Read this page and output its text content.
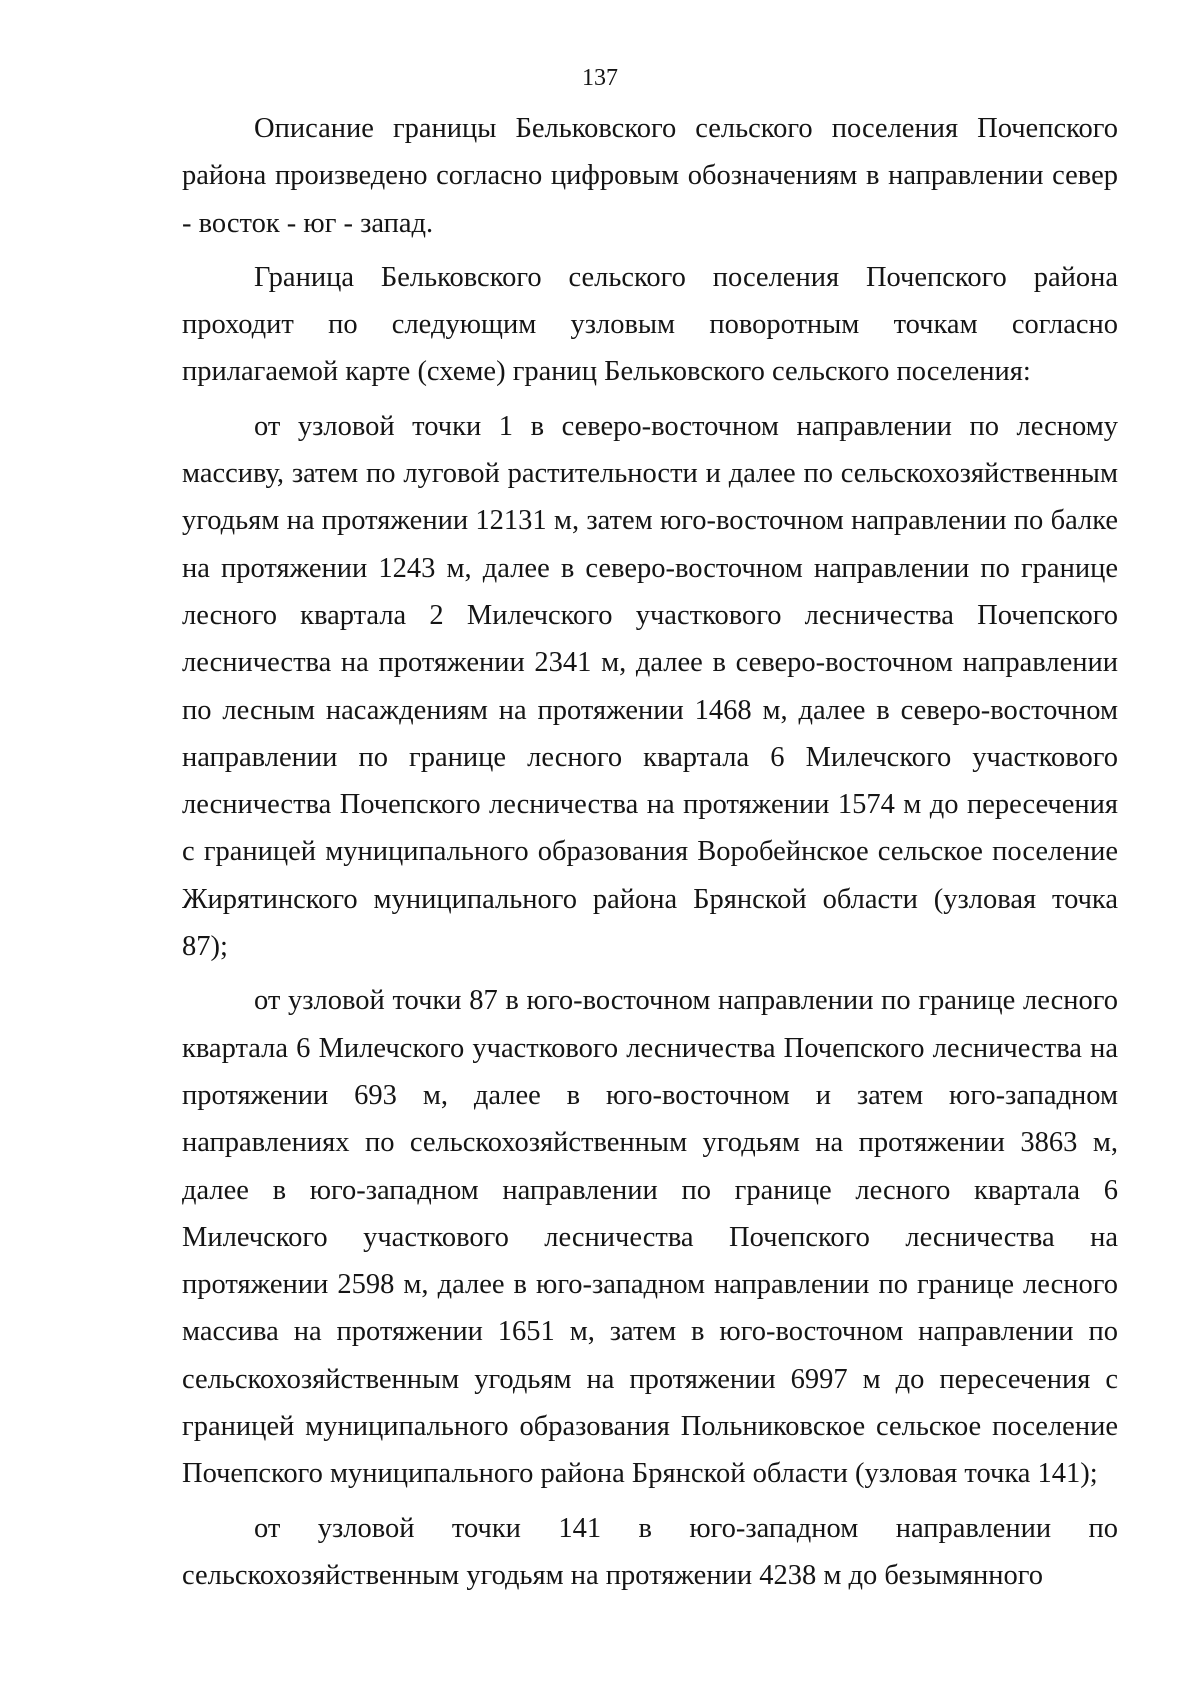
137

Описание границы Бельковского сельского поселения Почепского района произведено согласно цифровым обозначениям в направлении север - восток - юг - запад.

Граница Бельковского сельского поселения Почепского района проходит по следующим узловым поворотным точкам согласно прилагаемой карте (схеме) границ Бельковского сельского поселения:

от узловой точки 1 в северо-восточном направлении по лесному массиву, затем по луговой растительности и далее по сельскохозяйственным угодьям на протяжении 12131 м, затем юго-восточном направлении по балке на протяжении 1243 м, далее в северо-восточном направлении по границе лесного квартала 2 Милечского участкового лесничества Почепского лесничества на протяжении 2341 м, далее в северо-восточном направлении по лесным насаждениям на протяжении 1468 м, далее в северо-восточном направлении по границе лесного квартала 6 Милечского участкового лесничества Почепского лесничества на протяжении 1574 м до пересечения с границей муниципального образования Воробейнское сельское поселение Жирятинского муниципального района Брянской области (узловая точка 87);

от узловой точки 87 в юго-восточном направлении по границе лесного квартала 6 Милечского участкового лесничества Почепского лесничества на протяжении 693 м, далее в юго-восточном и затем юго-западном направлениях по сельскохозяйственным угодьям на протяжении 3863 м, далее в юго-западном направлении по границе лесного квартала 6 Милечского участкового лесничества Почепского лесничества на протяжении 2598 м, далее в юго-западном направлении по границе лесного массива на протяжении 1651 м, затем в юго-восточном направлении по сельскохозяйственным угодьям на протяжении 6997 м до пересечения с границей муниципального образования Польниковское сельское поселение Почепского муниципального района Брянской области (узловая точка 141);

от узловой точки 141 в юго-западном направлении по сельскохозяйственным угодьям на протяжении 4238 м до безымянного
